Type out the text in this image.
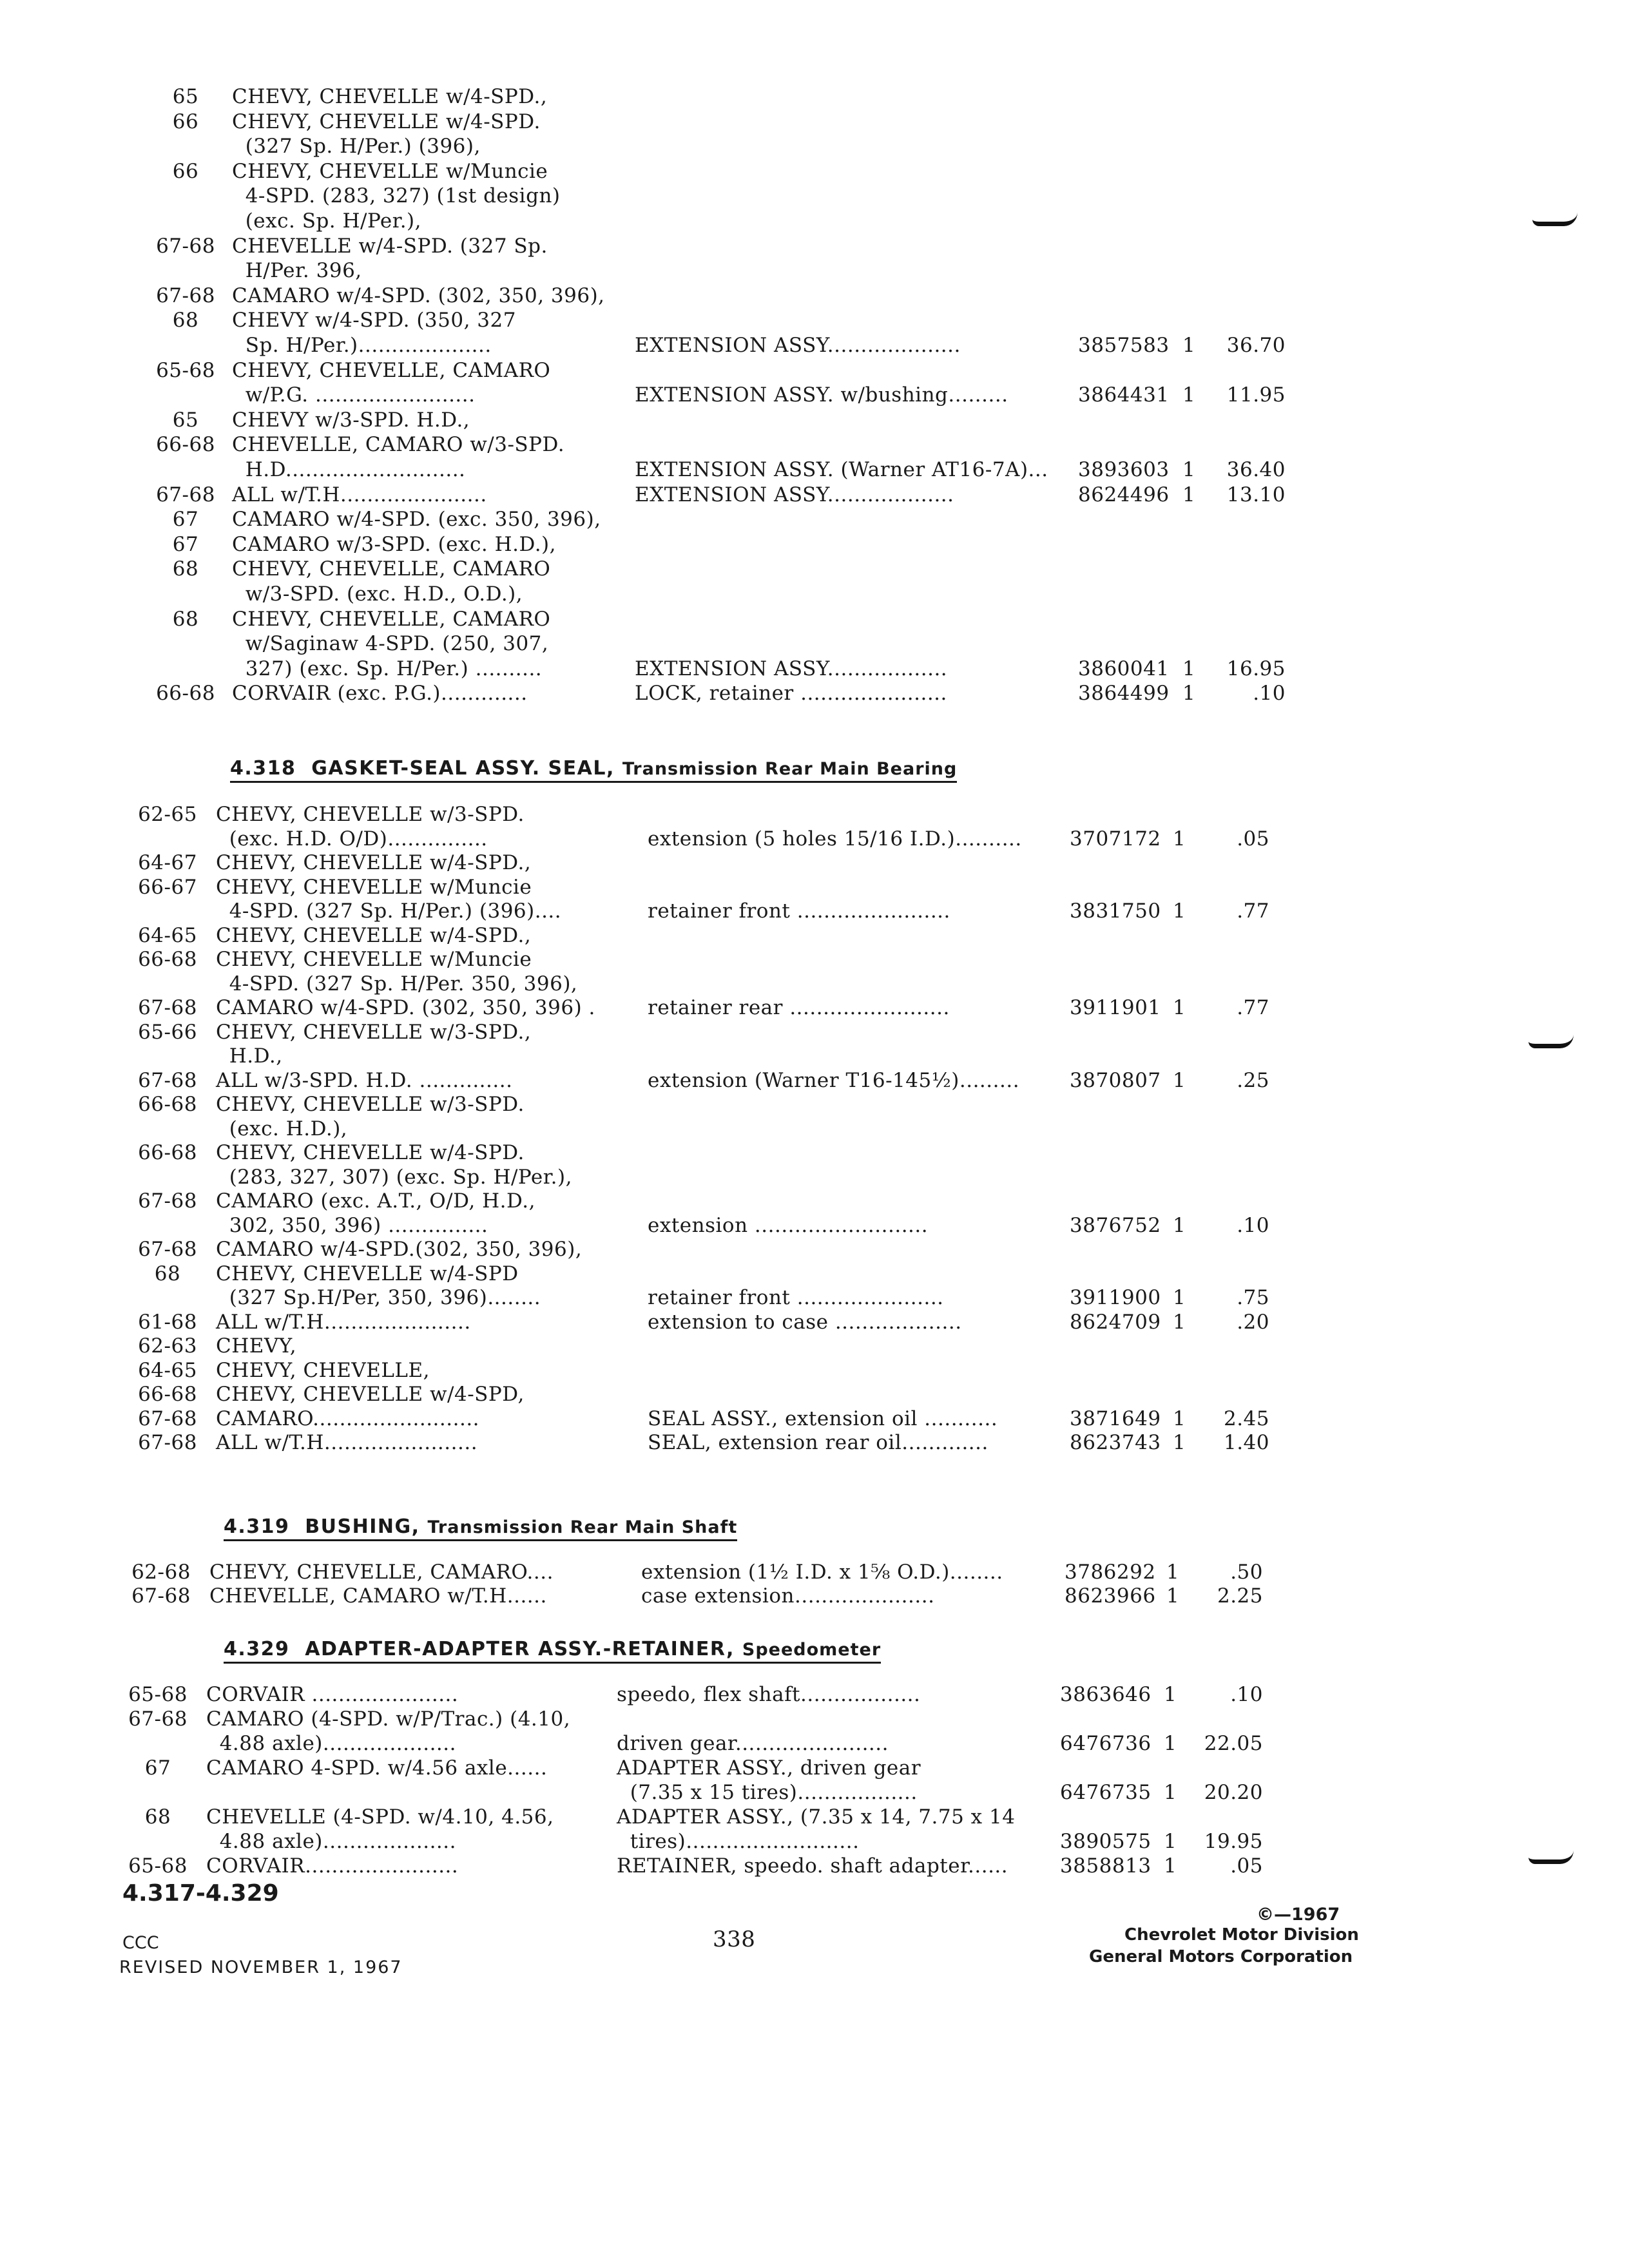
65	CHEVY, CHEVELLE w/4-SPD.,
66	CHEVY, CHEVELLE w/4-SPD.
(327 Sp. H/Per.) (396),
66	CHEVY, CHEVELLE w/Muncie
4-SPD. (283, 327) (1st design)
(exc. Sp. H/Per.),
67-68 CHEVELLE w/4-SPD. (327 Sp.
H/Per. 396,
67-68 CAMARO w/4-SPD. (302, 350, 396),
68	CHEVY w/4-SPD. (350, 327
Sp. H/Per.)....................	EXTENSION ASSY....................	3857583 1	36.70
65-68 CHEVY, CHEVELLE, CAMARO
w/P.G. ........................	EXTENSION ASSY. w/bushing.........	3864431 1	11.95
65	CHEVY w/3-SPD. H.D.,
66-68 CHEVELLE, CAMARO w/3-SPD.
H.D...........................	EXTENSION ASSY. (Warner AT16-7A)... 3893603 1	36.40
67-68 ALL w/T.H......................	EXTENSION ASSY...................	8624496 1	13.10
67	CAMARO w/4-SPD. (exc. 350, 396),
67	CAMARO w/3-SPD. (exc. H.D.),
68	CHEVY, CHEVELLE, CAMARO
w/3-SPD. (exc. H.D., O.D.),
68	CHEVY, CHEVELLE, CAMARO
w/Saginaw 4-SPD. (250, 307,
327) (exc. Sp. H/Per.) ..........	EXTENSION ASSY..................	3860041 1	16.95
66-68 CORVAIR (exc. P.G.).............	LOCK, retainer ......................	3864499 1	.10
4.318 GASKET-SEAL ASSY. SEAL, Transmission Rear Main Bearing
62-65 CHEVY, CHEVELLE w/3-SPD.
(exc. H.D. O/D)...............	extension (5 holes 15/16 I.D.).......... 3707172 1	.05
64-67 CHEVY, CHEVELLE w/4-SPD.,
66-67 CHEVY, CHEVELLE w/Muncie
4-SPD. (327 Sp. H/Per.) (396)....	retainer front .......................	3831750 1	.77
64-65 CHEVY, CHEVELLE w/4-SPD.,
66-68 CHEVY, CHEVELLE w/Muncie
4-SPD. (327 Sp. H/Per. 350, 396),
67-68 CAMARO w/4-SPD. (302, 350, 396) .	retainer rear ........................	3911901 1	.77
65-66 CHEVY, CHEVELLE w/3-SPD.,
H.D.,
67-68 ALL w/3-SPD. H.D. ..............	extension (Warner T16-145½).........	3870807 1	.25
66-68 CHEVY, CHEVELLE w/3-SPD.
(exc. H.D.),
66-68 CHEVY, CHEVELLE w/4-SPD.
(283, 327, 307) (exc. Sp. H/Per.),
67-68 CAMARO (exc. A.T., O/D, H.D.,
302, 350, 396) ...............	extension ..........................	3876752 1	.10
67-68 CAMARO w/4-SPD.(302, 350, 396),
68	CHEVY, CHEVELLE w/4-SPD
(327 Sp.H/Per, 350, 396)........	retainer front ......................	3911900 1	.75
61-68 ALL w/T.H......................	extension to case ...................	8624709 1	.20
62-63 CHEVY,
64-65 CHEVY, CHEVELLE,
66-68 CHEVY, CHEVELLE w/4-SPD,
67-68 CAMARO.........................	SEAL ASSY., extension oil ...........	3871649 1	2.45
67-68 ALL w/T.H.......................	SEAL, extension rear oil.............	8623743 1	1.40
4.319 BUSHING, Transmission Rear Main Shaft
62-68 CHEVY, CHEVELLE, CAMARO....	extension (1½ I.D. x 1⅝ O.D.)........	3786292 1	.50
67-68 CHEVELLE, CAMARO w/T.H......	case extension.....................	8623966 1	2.25
4.329 ADAPTER-ADAPTER ASSY.-RETAINER, Speedometer
65-68 CORVAIR ......................	speedo, flex shaft..................	3863646 1	.10
67-68 CAMARO (4-SPD. w/P/Trac.) (4.10,
4.88 axle)....................	driven gear.......................	6476736 1	22.05
67	CAMARO 4-SPD. w/4.56 axle......	ADAPTER ASSY., driven gear
(7.35 x 15 tires)..................	6476735 1	20.20
68	CHEVELLE (4-SPD. w/4.10, 4.56,	ADAPTER ASSY., (7.35 x 14, 7.75 x 14
4.88 axle)....................	tires)..........................	3890575 1	19.95
65-68 CORVAIR.......................	RETAINER, speedo. shaft adapter......	3858813 1	.05
4.317-4.329
CCC
REVISED NOVEMBER 1, 1967
338
©—1967
Chevrolet Motor Division
General Motors Corporation
